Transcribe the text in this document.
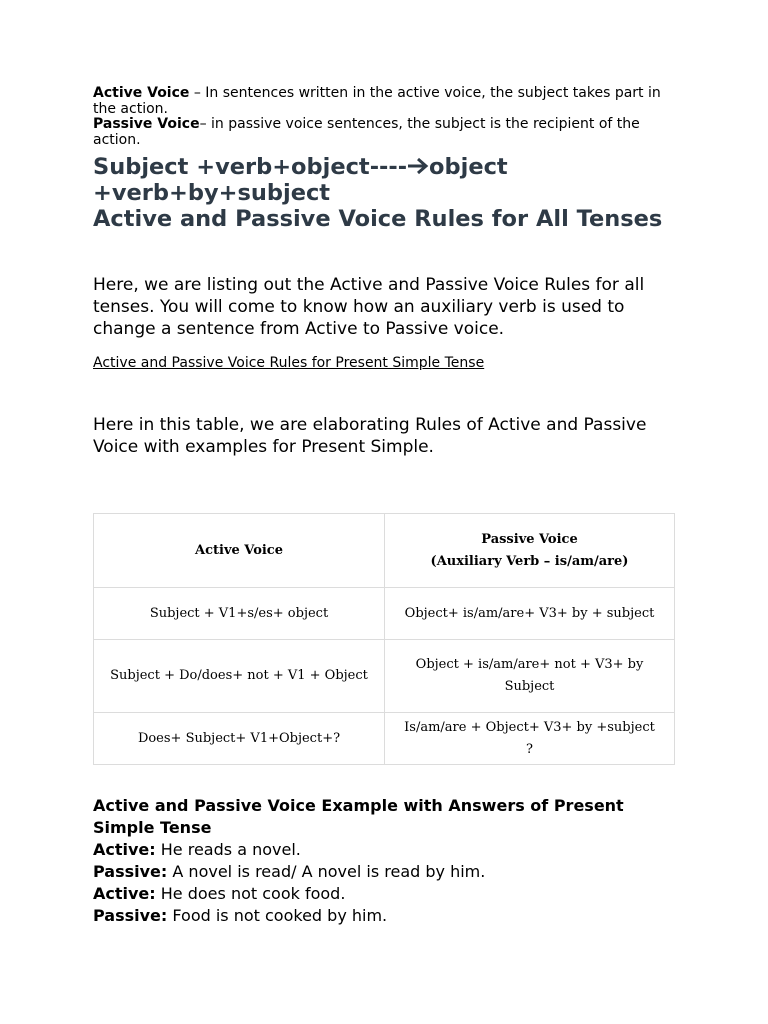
Active Voice – In sentences written in the active voice, the subject takes part in the action.

Passive Voice– in passive voice sentences, the subject is the recipient of the action.

Subject +verb+object---- object +verb+by+subject
Active and Passive Voice Rules for All Tenses

Here, we are listing out the Active and Passive Voice Rules for all tenses. You will come to know how an auxiliary verb is used to change a sentence from Active to Passive voice.

Active and Passive Voice Rules for Present Simple Tense

Here in this table, we are elaborating Rules of Active and Passive Voice with examples for Present Simple.

Active Voice	Passive Voice
(Auxiliary Verb – is/am/are)
Subject + V1+s/es+ object	Object+ is/am/are+ V3+ by + subject
Subject + Do/does+ not + V1 + Object	Object + is/am/are+ not + V3+ by Subject
Does+ Subject+ V1+Object+?	Is/am/are + Object+ V3+ by +subject ?

Active and Passive Voice Example with Answers of Present Simple Tense

Active: He reads a novel.

Passive: A novel is read/ A novel is read by him.

Active: He does not cook food.

Passive: Food is not cooked by him.
